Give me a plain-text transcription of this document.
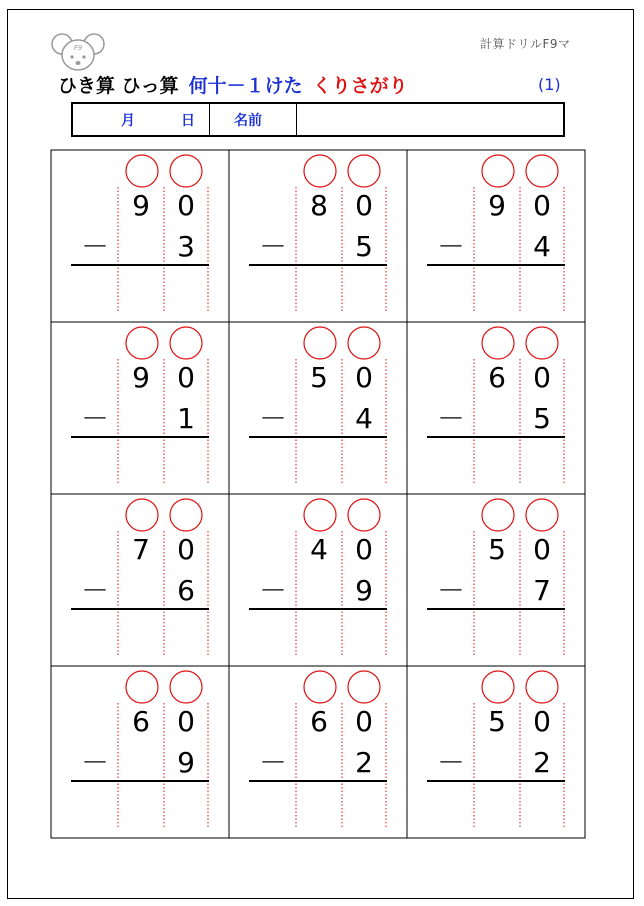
F9	計算ドリルF9マ
ひき算 ひっ算 何十－１けた くりさがり	(1)
月	日	名前
9 0
3
－
8 0
5
－
9 0
4
－
9 0
1
－
5 0
4
－
6 0
5
－
7 0
6
－
4 0
9
－
5 0
7
－
6 0
9
－
6 0
2
－
5 0
2
－
